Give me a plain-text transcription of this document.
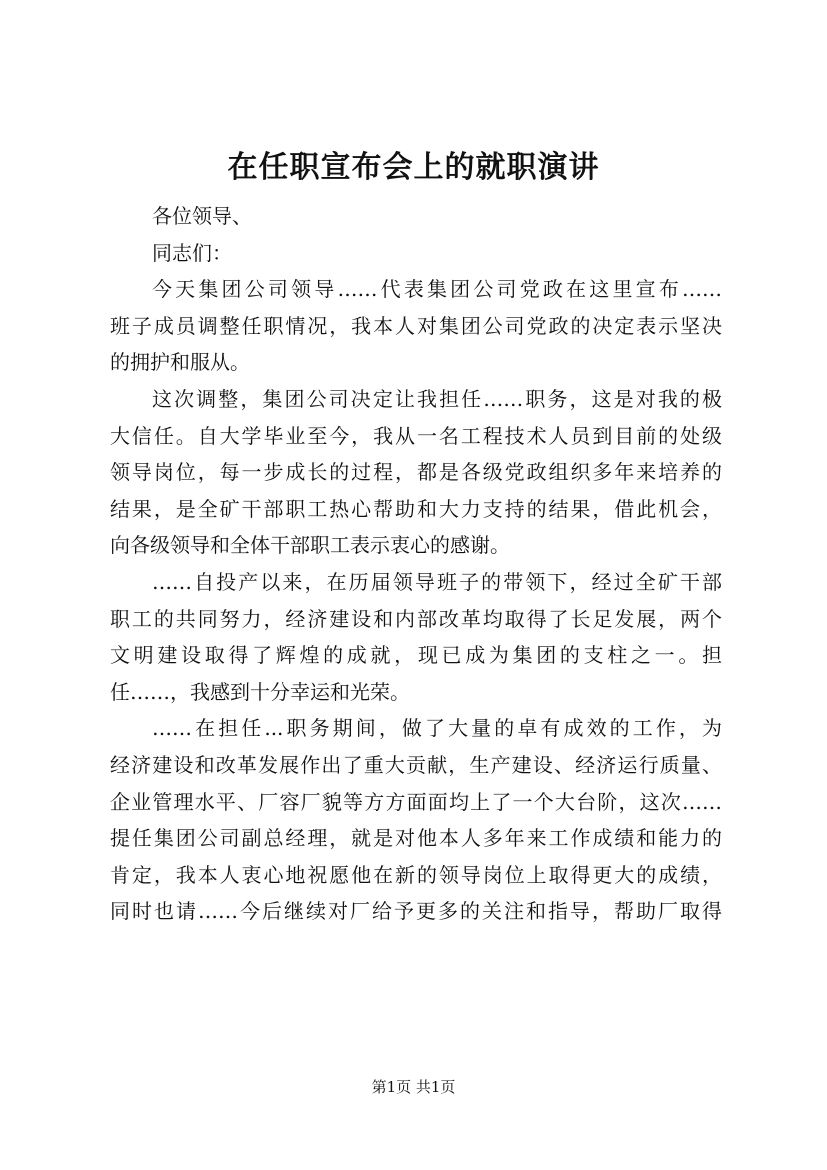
在任职宣布会上的就职演讲
各位领导、
同志们：
今天集团公司领导……代表集团公司党政在这里宣布……
班子成员调整任职情况，我本人对集团公司党政的决定表示坚决
的拥护和服从。
这次调整，集团公司决定让我担任……职务，这是对我的极
大信任。自大学毕业至今，我从一名工程技术人员到目前的处级
领导岗位，每一步成长的过程，都是各级党政组织多年来培养的
结果，是全矿干部职工热心帮助和大力支持的结果，借此机会，
向各级领导和全体干部职工表示衷心的感谢。
……自投产以来，在历届领导班子的带领下，经过全矿干部
职工的共同努力，经济建设和内部改革均取得了长足发展，两个
文明建设取得了辉煌的成就，现已成为集团的支柱之一。担
任……，我感到十分幸运和光荣。
……在担任...职务期间，做了大量的卓有成效的工作，为
经济建设和改革发展作出了重大贡献，生产建设、经济运行质量、
企业管理水平、厂容厂貌等方方面面均上了一个大台阶，这次……
提任集团公司副总经理，就是对他本人多年来工作成绩和能力的
肯定，我本人衷心地祝愿他在新的领导岗位上取得更大的成绩，
同时也请……今后继续对厂给予更多的关注和指导，帮助厂取得
第1页 共1页
